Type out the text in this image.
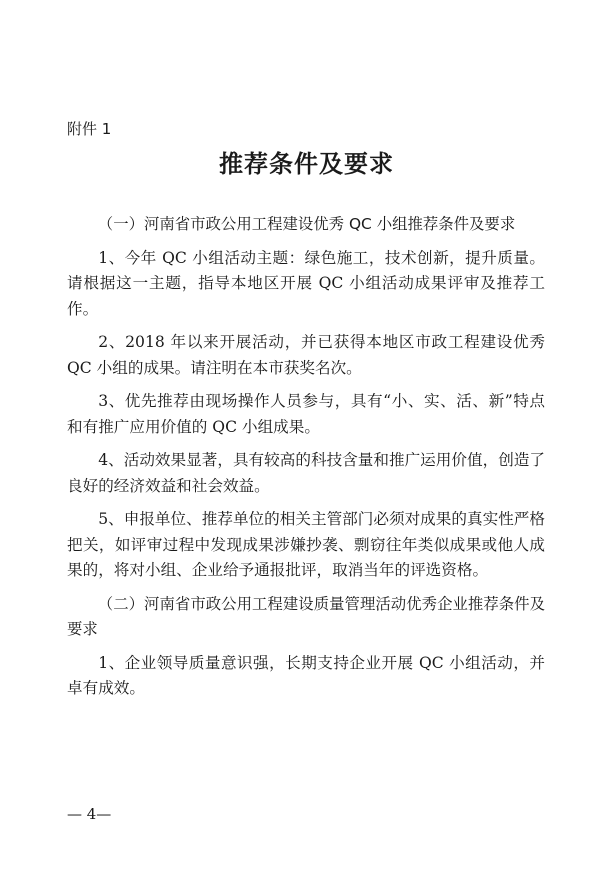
附件 1

推荐条件及要求

（一）河南省市政公用工程建设优秀 QC 小组推荐条件及要求

1、今年 QC 小组活动主题：绿色施工，技术创新，提升质量。请根据这一主题，指导本地区开展 QC 小组活动成果评审及推荐工作。

2、2018 年以来开展活动，并已获得本地区市政工程建设优秀 QC 小组的成果。请注明在本市获奖名次。

3、优先推荐由现场操作人员参与，具有“小、实、活、新”特点和有推广应用价值的 QC 小组成果。

4、活动效果显著，具有较高的科技含量和推广运用价值，创造了良好的经济效益和社会效益。

5、申报单位、推荐单位的相关主管部门必须对成果的真实性严格把关，如评审过程中发现成果涉嫌抄袭、剽窃往年类似成果或他人成果的，将对小组、企业给予通报批评，取消当年的评选资格。

（二）河南省市政公用工程建设质量管理活动优秀企业推荐条件及要求

1、企业领导质量意识强，长期支持企业开展 QC 小组活动，并卓有成效。

— 4—
